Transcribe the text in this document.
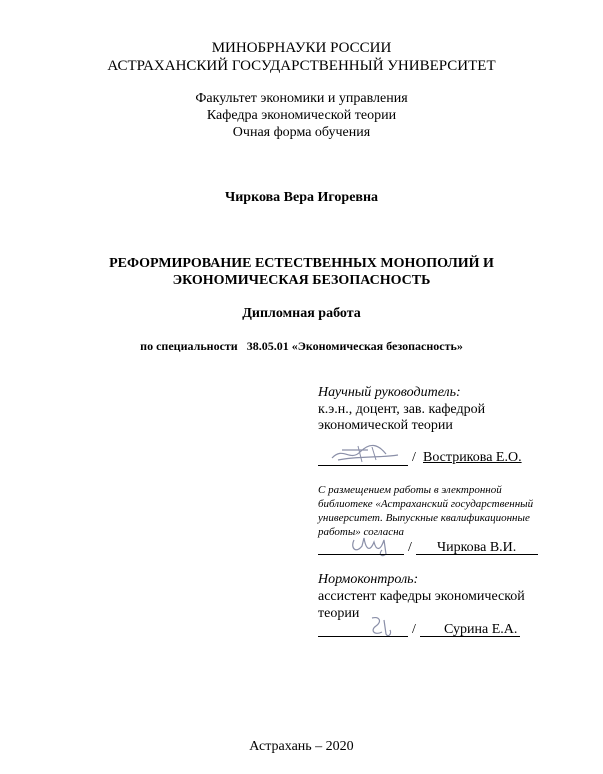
МИНОБРНАУКИ РОССИИ
АСТРАХАНСКИЙ ГОСУДАРСТВЕННЫЙ УНИВЕРСИТЕТ
Факультет экономики и управления
Кафедра экономической теории
Очная форма обучения
Чиркова Вера Игоревна
РЕФОРМИРОВАНИЕ ЕСТЕСТВЕННЫХ МОНОПОЛИЙ И
ЭКОНОМИЧЕСКАЯ БЕЗОПАСНОСТЬ
Дипломная работа
по специальности   38.05.01 «Экономическая безопасность»
Научный руководитель:
к.э.н., доцент, зав. кафедрой
экономической теории
/ Вострикова Е.О.
С размещением работы в электронной
библиотеке «Астраханский государственный
университет. Выпускные квалификационные
работы» согласна
/ Чиркова В.И.
Нормоконтроль:
ассистент кафедры экономической
теории
/ Сурина Е.А.
Астрахань – 2020
